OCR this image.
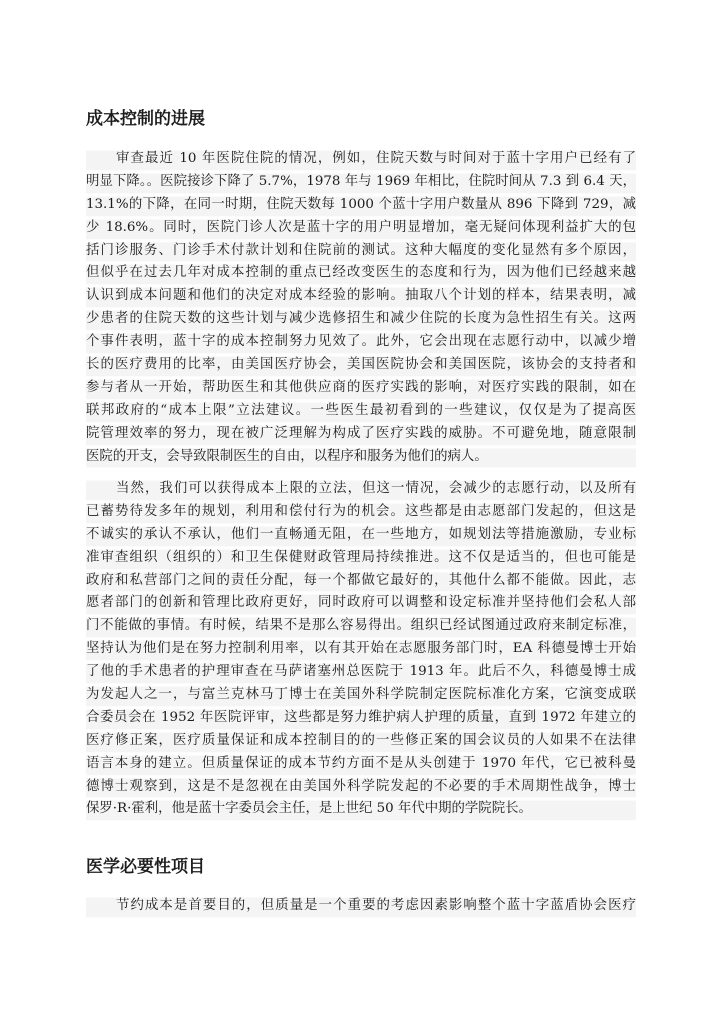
成本控制的进展
审查最近 10 年医院住院的情况，例如，住院天数与时间对于蓝十字用户已经有了
明显下降。。医院接诊下降了 5.7%，1978 年与 1969 年相比，住院时间从 7.3 到 6.4 天，
13.1%的下降，在同一时期，住院天数每 1000 个蓝十字用户数量从 896 下降到 729，减
少 18.6%。同时，医院门诊人次是蓝十字的用户明显增加，毫无疑问体现利益扩大的包
括门诊服务、门诊手术付款计划和住院前的测试。这种大幅度的变化显然有多个原因，
但似乎在过去几年对成本控制的重点已经改变医生的态度和行为，因为他们已经越来越
认识到成本问题和他们的决定对成本经验的影响。抽取八个计划的样本，结果表明，减
少患者的住院天数的这些计划与减少选修招生和减少住院的长度为急性招生有关。这两
个事件表明，蓝十字的成本控制努力见效了。此外，它会出现在志愿行动中，以减少增
长的医疗费用的比率，由美国医疗协会，美国医院协会和美国医院，该协会的支持者和
参与者从一开始，帮助医生和其他供应商的医疗实践的影响，对医疗实践的限制，如在
联邦政府的“成本上限”立法建议。一些医生最初看到的一些建议，仅仅是为了提高医
院管理效率的努力，现在被广泛理解为构成了医疗实践的威胁。不可避免地，随意限制
医院的开支，会导致限制医生的自由，以程序和服务为他们的病人。
当然，我们可以获得成本上限的立法，但这一情况，会减少的志愿行动，以及所有
已蓄势待发多年的规划，利用和偿付行为的机会。这些都是由志愿部门发起的，但这是
不诚实的承认不承认，他们一直畅通无阻，在一些地方，如规划法等措施激励，专业标
准审查组织（组织的）和卫生保健财政管理局持续推进。这不仅是适当的，但也可能是
政府和私营部门之间的责任分配，每一个都做它最好的，其他什么都不能做。因此，志
愿者部门的创新和管理比政府更好，同时政府可以调整和设定标准并坚持他们会私人部
门不能做的事情。有时候，结果不是那么容易得出。组织已经试图通过政府来制定标准，
坚持认为他们是在努力控制利用率，以有其开始在志愿服务部门时，EA 科德曼博士开始
了他的手术患者的护理审查在马萨诸塞州总医院于 1913 年。此后不久，科德曼博士成
为发起人之一，与富兰克林马丁博士在美国外科学院制定医院标准化方案，它演变成联
合委员会在 1952 年医院评审，这些都是努力维护病人护理的质量，直到 1972 年建立的
医疗修正案，医疗质量保证和成本控制目的的一些修正案的国会议员的人如果不在法律
语言本身的建立。但质量保证的成本节约方面不是从头创建于 1970 年代，它已被科曼
德博士观察到，这是不是忽视在由美国外科学院发起的不必要的手术周期性战争，博士
保罗·R·霍利，他是蓝十字委员会主任，是上世纪 50 年代中期的学院院长。
医学必要性项目
节约成本是首要目的，但质量是一个重要的考虑因素影响整个蓝十字蓝盾协会医疗
